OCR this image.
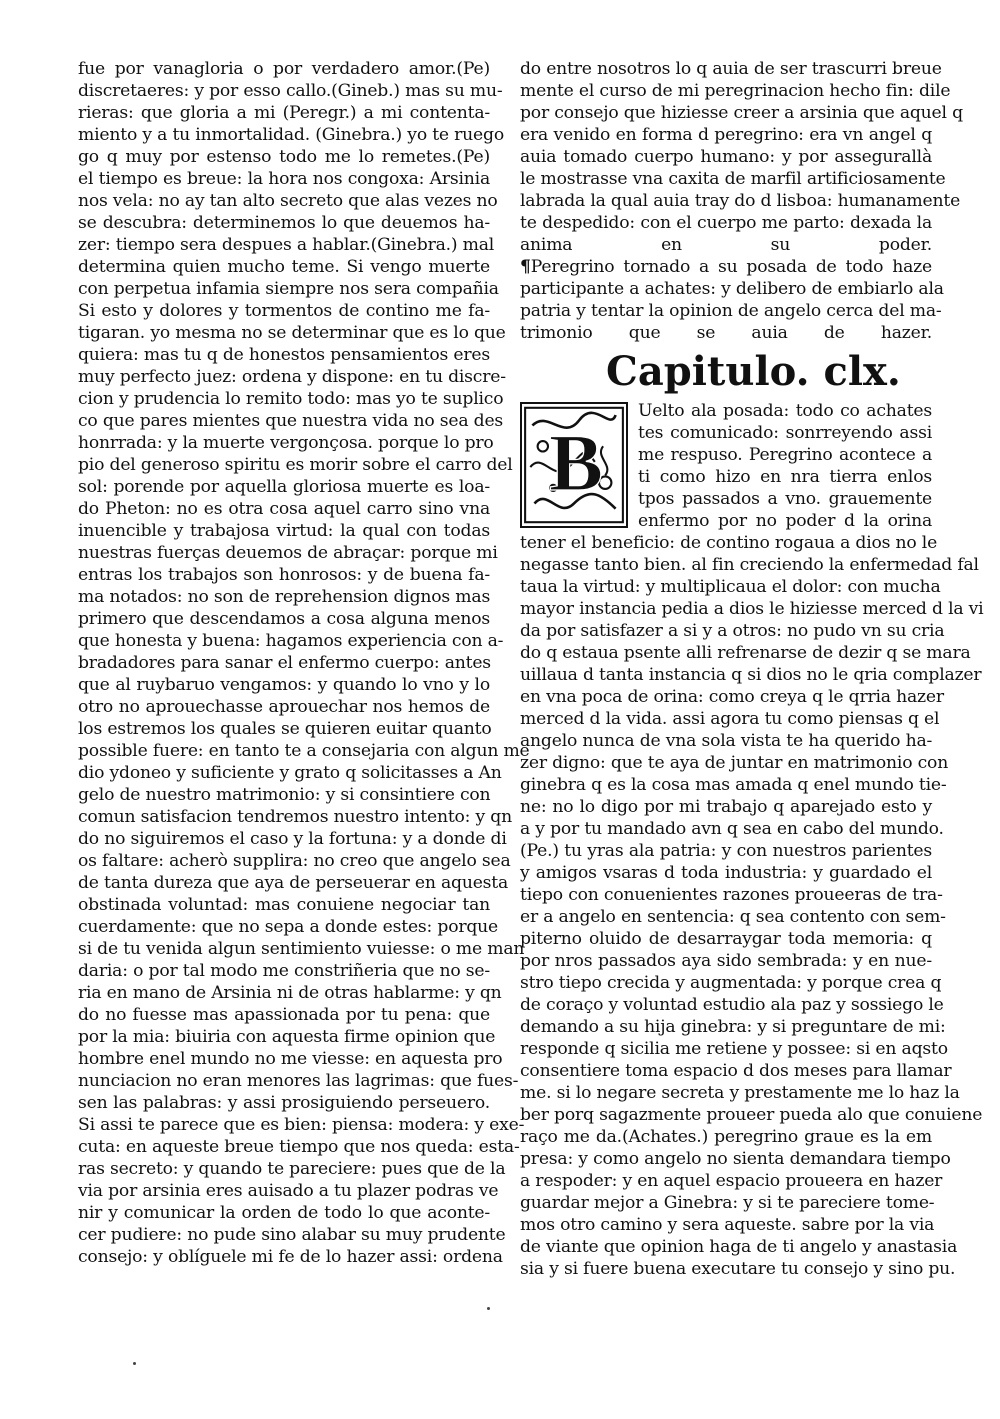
fue por vanagloria o por verdadero amor.(Pe)
discretaeres: y por esso callo.(Gineb.) mas su mu-
rieras: que gloria a mi (Peregr.) a mi contenta-
miento y a tu inmortalidad. (Ginebra.) yo te ruego
go q muy por estenso todo me lo remetes.(Pe)
el tiempo es breue: la hora nos congoxa: Arsinia
nos vela: no ay tan alto secreto que alas vezes no
se descubra: determinemos lo que deuemos ha-
zer: tiempo sera despues a hablar.(Ginebra.) mal
determina quien mucho teme. Si vengo muerte
con perpetua infamia siempre nos sera compañia
Si esto y dolores y tormentos de contino me fa-
tigaran. yo mesma no se determinar que es lo que
quiera: mas tu q de honestos pensamientos eres
muy perfecto juez: ordena y dispone: en tu discre-
cion y prudencia lo remito todo: mas yo te suplico
co que pares mientes que nuestra vida no sea des
honrrada: y la muerte vergonçosa. porque lo pro
pio del generoso spiritu es morir sobre el carro del
sol: porende por aquella gloriosa muerte es loa-
do Pheton: no es otra cosa aquel carro sino vna
inuencible y trabajosa virtud: la qual con todas
nuestras fuerças deuemos de abraçar: porque mi
entras los trabajos son honrosos: y de buena fa-
ma notados: no son de reprehension dignos mas
primero que descendamos a cosa alguna menos
que honesta y buena: hagamos experiencia con a-
bradadores para sanar el enfermo cuerpo: antes
que al ruybaruo vengamos: y quando lo vno y lo
otro no aprouechasse aprouechar nos hemos de
los estremos los quales se quieren euitar quanto
possible fuere: en tanto te a consejaria con algun me
dio ydoneo y suficiente y grato q solicitasses a An
gelo de nuestro matrimonio: y si consintiere con
comun satisfacion tendremos nuestro intento: y qn
do no siguiremos el caso y la fortuna: y a donde di
os faltare: acherò supplira: no creo que angelo sea
de tanta dureza que aya de perseuerar en aquesta
obstinada voluntad: mas conuiene negociar tan
cuerdamente: que no sepa a donde estes: porque
si de tu venida algun sentimiento vuiesse: o me man
daria: o por tal modo me constriñeria que no se-
ria en mano de Arsinia ni de otras hablarme: y qn
do no fuesse mas apassionada por tu pena: que
por la mia: biuiria con aquesta firme opinion que
hombre enel mundo no me viesse: en aquesta pro
nunciacion no eran menores las lagrimas: que fues-
sen las palabras: y assi prosiguiendo perseuero.
Si assi te parece que es bien: piensa: modera: y exe-
cuta: en aqueste breue tiempo que nos queda: esta-
ras secreto: y quando te pareciere: pues que de la
via por arsinia eres auisado a tu plazer podras ve
nir y comunicar la orden de todo lo que aconte-
cer pudiere: no pude sino alabar su muy prudente
consejo: y oblíguele mi fe de lo hazer assi: ordena
do entre nosotros lo q auia de ser trascurri breue
mente el curso de mi peregrinacion hecho fin: dile
por consejo que hiziesse creer a arsinia que aquel q
era venido en forma d peregrino: era vn angel q
auia tomado cuerpo humano: y por assegurallà
le mostrasse vna caxita de marfil artificiosamente
labrada la qual auia tray do d lisboa: humanamente
te despedido: con el cuerpo me parto: dexada la
anima en su poder.
¶Peregrino tornado a su posada de todo haze
participante a achates: y delibero de embiarlo ala
patria y tentar la opinion de angelo cerca del ma-
trimonio que se auia de hazer.
Capitulo. clx.
B
Uelto ala posada: todo co achates
tes comunicado: sonrreyendo assi
me respuso. Peregrino acontece a
ti como hizo en nra tierra enlos
tpos passados a vno. grauemente
enfermo por no poder d la orina
tener el beneficio: de contino rogaua a dios no le
negasse tanto bien. al fin creciendo la enfermedad fal
taua la virtud: y multiplicaua el dolor: con mucha
mayor instancia pedia a dios le hiziesse merced d la vi
da por satisfazer a si y a otros: no pudo vn su cria
do q estaua psente alli refrenarse de dezir q se mara
uillaua d tanta instancia q si dios no le qria complazer
en vna poca de orina: como creya q le qrria hazer
merced d la vida. assi agora tu como piensas q el
angelo nunca de vna sola vista te ha querido ha-
zer digno: que te aya de juntar en matrimonio con
ginebra q es la cosa mas amada q enel mundo tie-
ne: no lo digo por mi trabajo q aparejado esto y
a y por tu mandado avn q sea en cabo del mundo.
(Pe.) tu yras ala patria: y con nuestros parientes
y amigos vsaras d toda industria: y guardado el
tiepo con conuenientes razones proueeras de tra-
er a angelo en sentencia: q sea contento con sem-
piterno oluido de desarraygar toda memoria: q
por nros passados aya sido sembrada: y en nue-
stro tiepo crecida y augmentada: y porque crea q
de coraço y voluntad estudio ala paz y sossiego le
demando a su hija ginebra: y si preguntare de mi:
responde q sicilia me retiene y possee: si en aqsto
consentiere toma espacio d dos meses para llamar
me. si lo negare secreta y prestamente me lo haz la
ber porq sagazmente proueer pueda alo que conuiene
raço me da.(Achates.) peregrino graue es la em
presa: y como angelo no sienta demandara tiempo
a respoder: y en aquel espacio proueera en hazer
guardar mejor a Ginebra: y si te pareciere tome-
mos otro camino y sera aqueste. sabre por la via
de viante que opinion haga de ti angelo y anastasia
sia y si fuere buena executare tu consejo y sino pu.
